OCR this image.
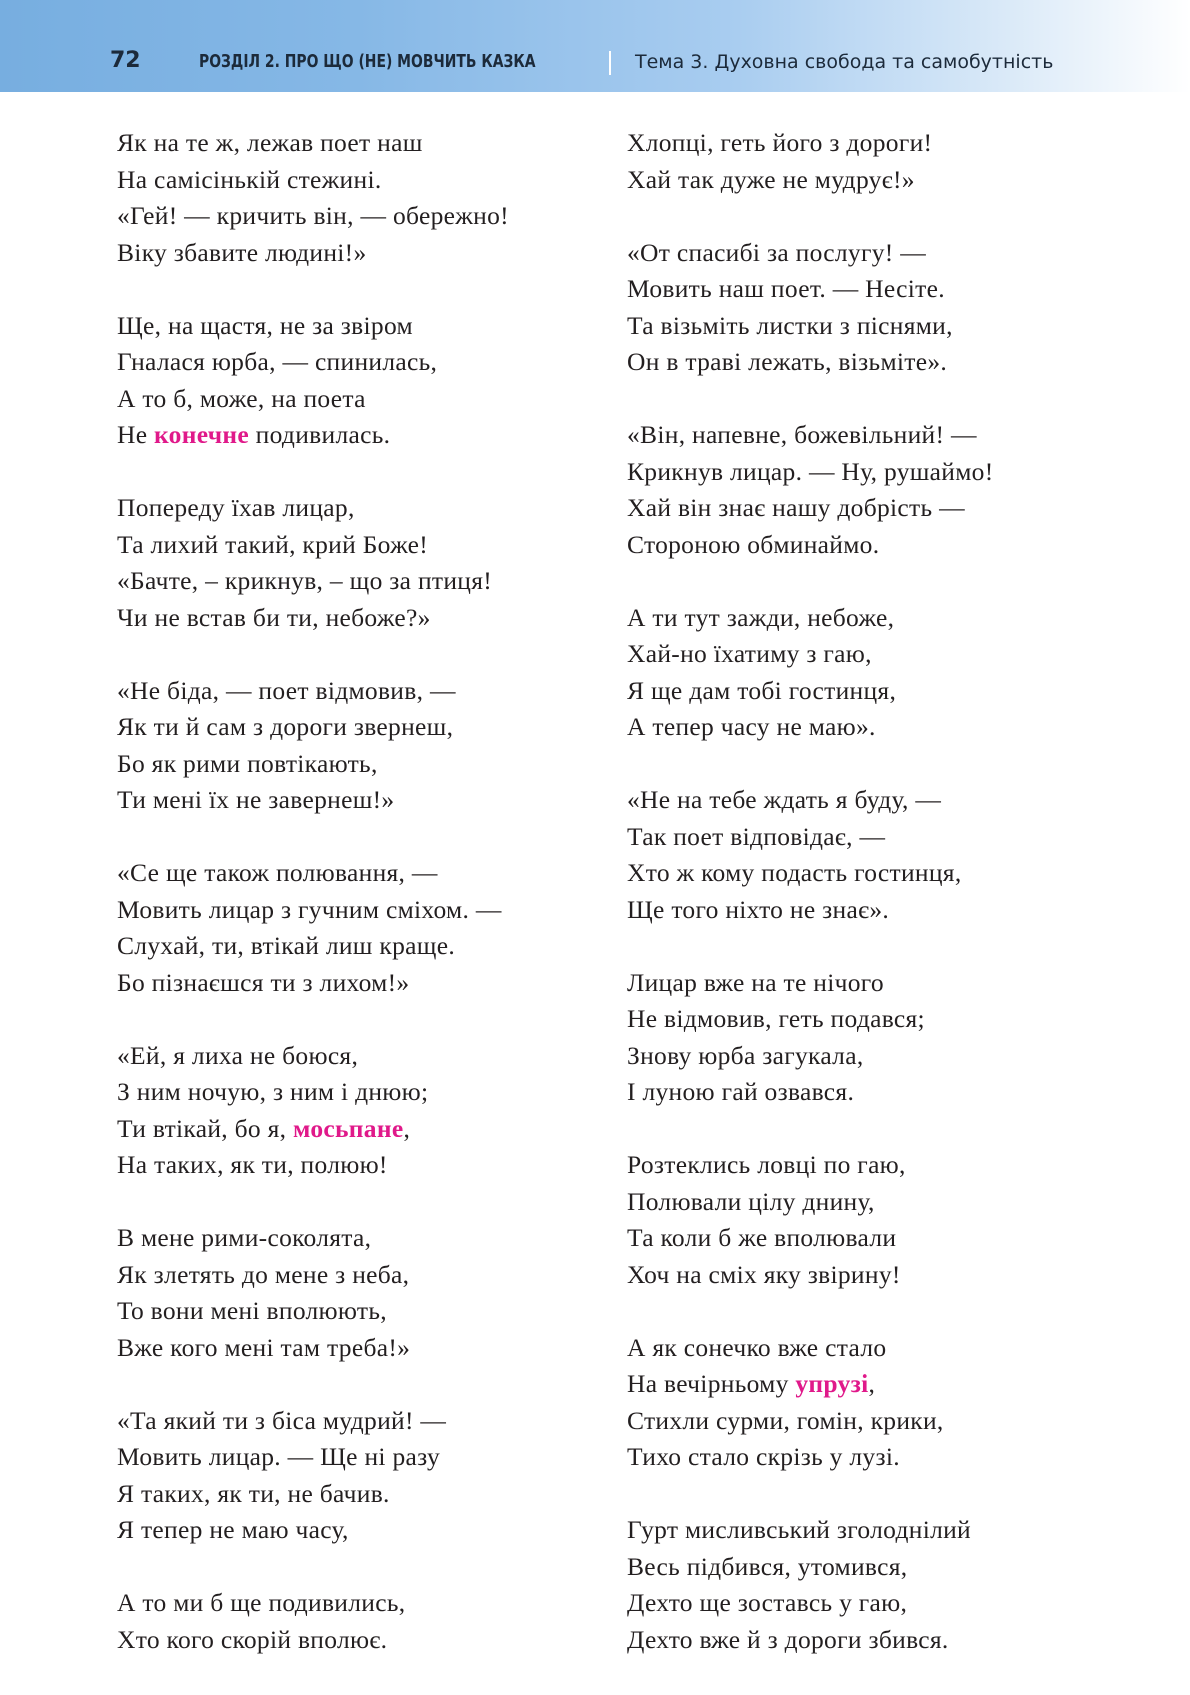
72	РОЗДІЛ 2. ПРО ЩО (НЕ) МОВЧИТЬ КАЗКА	Тема 3. Духовна свобода та самобутність
Як на те ж, лежав поет наш
На самісінькій стежині.
«Гей! — кричить він, — обережно!
Віку збавите людині!»
Ще, на щастя, не за звіром
Гналася юрба, — спинилась,
А то б, може, на поета
Не конечне подивилась.
Попереду їхав лицар,
Та лихий такий, крий Боже!
«Бачте, – крикнув, – що за птиця!
Чи не встав би ти, небоже?»
«Не біда, — поет відмовив, —
Як ти й сам з дороги звернеш,
Бо як рими повтікають,
Ти мені їх не завернеш!»
«Се ще також полювання, —
Мовить лицар з гучним сміхом. —
Слухай, ти, втікай лиш краще.
Бо пізнаєшся ти з лихом!»
«Ей, я лиха не боюся,
З ним ночую, з ним і днюю;
Ти втікай, бо я, мосьпане,
На таких, як ти, полюю!
В мене рими-соколята,
Як злетять до мене з неба,
То вони мені вполюють,
Вже кого мені там треба!»
«Та який ти з біса мудрий! —
Мовить лицар. — Ще ні разу
Я таких, як ти, не бачив.
Я тепер не маю часу,
А то ми б ще подивились,
Хто кого скорій вполює.
Хлопці, геть його з дороги!
Хай так дуже не мудрує!»
«От спасибі за послугу! —
Мовить наш поет. — Несіте.
Та візьміть листки з піснями,
Он в траві лежать, візьміте».
«Він, напевне, божевільний! —
Крикнув лицар. — Ну, рушаймо!
Хай він знає нашу добрість —
Стороною обминаймо.
А ти тут зажди, небоже,
Хай-но їхатиму з гаю,
Я ще дам тобі гостинця,
А тепер часу не маю».
«Не на тебе ждать я буду, —
Так поет відповідає, —
Хто ж кому подасть гостинця,
Ще того ніхто не знає».
Лицар вже на те нічого
Не відмовив, геть подався;
Знову юрба загукала,
І луною гай озвався.
Розтеклись ловці по гаю,
Полювали цілу днину,
Та коли б же вполювали
Хоч на сміх яку звірину!
А як сонечко вже стало
На вечірньому упрузі,
Стихли сурми, гомін, крики,
Тихо стало скрізь у лузі.
Гурт мисливський зголоднілий
Весь підбився, утомився,
Дехто ще зоставсь у гаю,
Дехто вже й з дороги збився.
